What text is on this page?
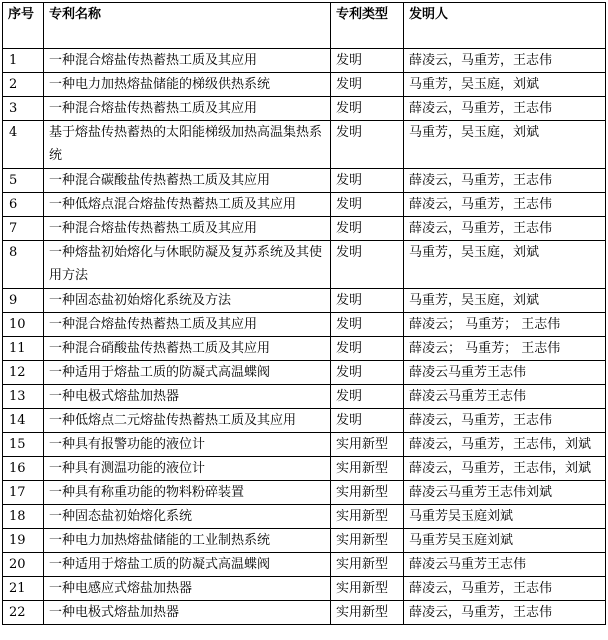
序号	专利名称	专利类型	发明人
1	一种混合熔盐传热蓄热工质及其应用	发明	薛凌云，马重芳，王志伟
2	一种电力加热熔盐储能的梯级供热系统	发明	马重芳，吴玉庭，刘斌
3	一种混合熔盐传热蓄热工质及其应用	发明	薛凌云，马重芳，王志伟
4	基于熔盐传热蓄热的太阳能梯级加热高温集热系统	发明	马重芳，吴玉庭，刘斌
5	一种混合碳酸盐传热蓄热工质及其应用	发明	薛凌云，马重芳，王志伟
6	一种低熔点混合熔盐传热蓄热工质及其应用	发明	薛凌云，马重芳，王志伟
7	一种混合熔盐传热蓄热工质及其应用	发明	薛凌云，马重芳，王志伟
8	一种熔盐初始熔化与休眠防凝及复苏系统及其使用方法	发明	马重芳，吴玉庭，刘斌
9	一种固态盐初始熔化系统及方法	发明	马重芳，吴玉庭，刘斌
10	一种混合熔盐传热蓄热工质及其应用	发明	薛凌云； 马重芳； 王志伟
11	一种混合硝酸盐传热蓄热工质及其应用	发明	薛凌云； 马重芳； 王志伟
12	一种适用于熔盐工质的防凝式高温蝶阀	发明	薛凌云马重芳王志伟
13	一种电极式熔盐加热器	发明	薛凌云马重芳王志伟
14	一种低熔点二元熔盐传热蓄热工质及其应用	发明	薛凌云，马重芳，王志伟
15	一种具有报警功能的液位计	实用新型	薛凌云，马重芳，王志伟，刘斌
16	一种具有测温功能的液位计	实用新型	薛凌云，马重芳，王志伟，刘斌
17	一种具有称重功能的物料粉碎装置	实用新型	薛凌云马重芳王志伟刘斌
18	一种固态盐初始熔化系统	实用新型	马重芳吴玉庭刘斌
19	一种电力加热熔盐储能的工业制热系统	实用新型	马重芳吴玉庭刘斌
20	一种适用于熔盐工质的防凝式高温蝶阀	实用新型	薛凌云马重芳王志伟
21	一种电感应式熔盐加热器	实用新型	薛凌云，马重芳，王志伟
22	一种电极式熔盐加热器	实用新型	薛凌云，马重芳，王志伟
